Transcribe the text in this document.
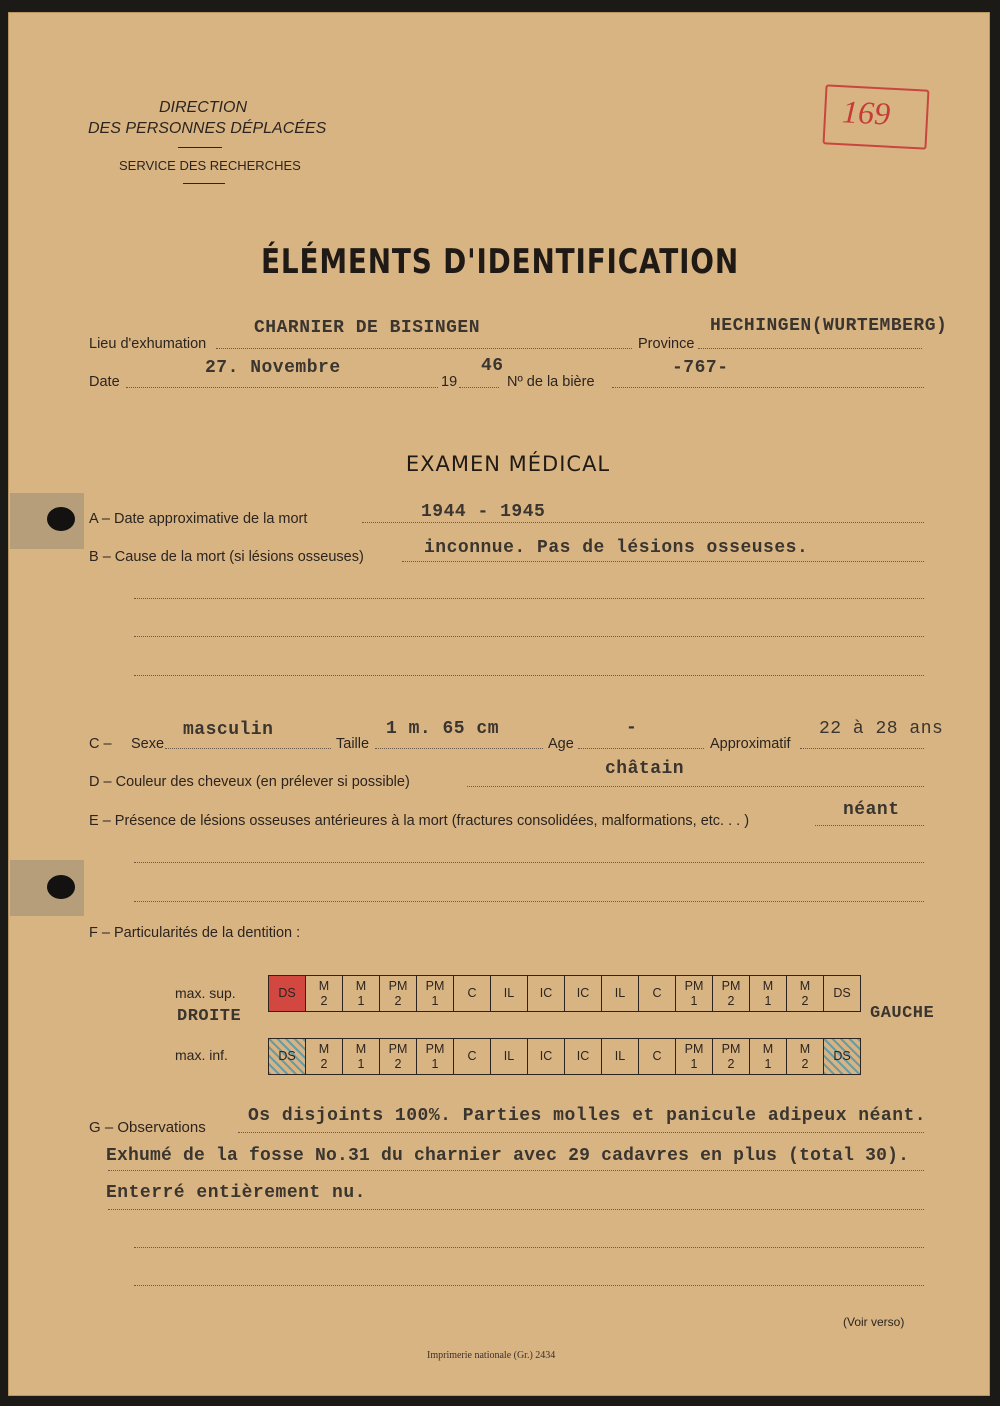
DIRECTION
DES PERSONNES DÉPLACÉES
SERVICE DES RECHERCHES
169
ÉLÉMENTS D'IDENTIFICATION
Lieu d'exhumation
CHARNIER DE BISINGEN
Province
HECHINGEN(WURTEMBERG)
Date
27. Novembre
19
46
Nº de la bière
-767-
EXAMEN MÉDICAL
A – Date approximative de la mort	1944 - 1945
B – Cause de la mort (si lésions osseuses)	inconnue. Pas de lésions osseuses.
C – Sexe
masculin
Taille
1 m. 65 cm
Age
-
Approximatif
22 à 28 ans
D – Couleur des cheveux (en prélever si possible)
châtain
E – Présence de lésions osseuses antérieures à la mort (fractures consolidées, malformations, etc. . . )
néant
F – Particularités de la dentition :
max. sup.
DROITE
max. inf.
GAUCHE
DS
M
2
M
1
PM
2
PM
1
C IL IC IC IL C
PM
1
PM
2
M
1
M
2
DS
DS
M
2
M
1
PM
2
PM
1
C IL IC IC IL C
PM
1
PM
2
M
1
M
2
DS
G – Observations
Os disjoints 100%. Parties molles et panicule adipeux néant.
Exhumé de la fosse No.31 du charnier avec 29 cadavres en plus (total 30).
Enterré entièrement nu.
(Voir verso)
Imprimerie nationale (Gr.) 2434
